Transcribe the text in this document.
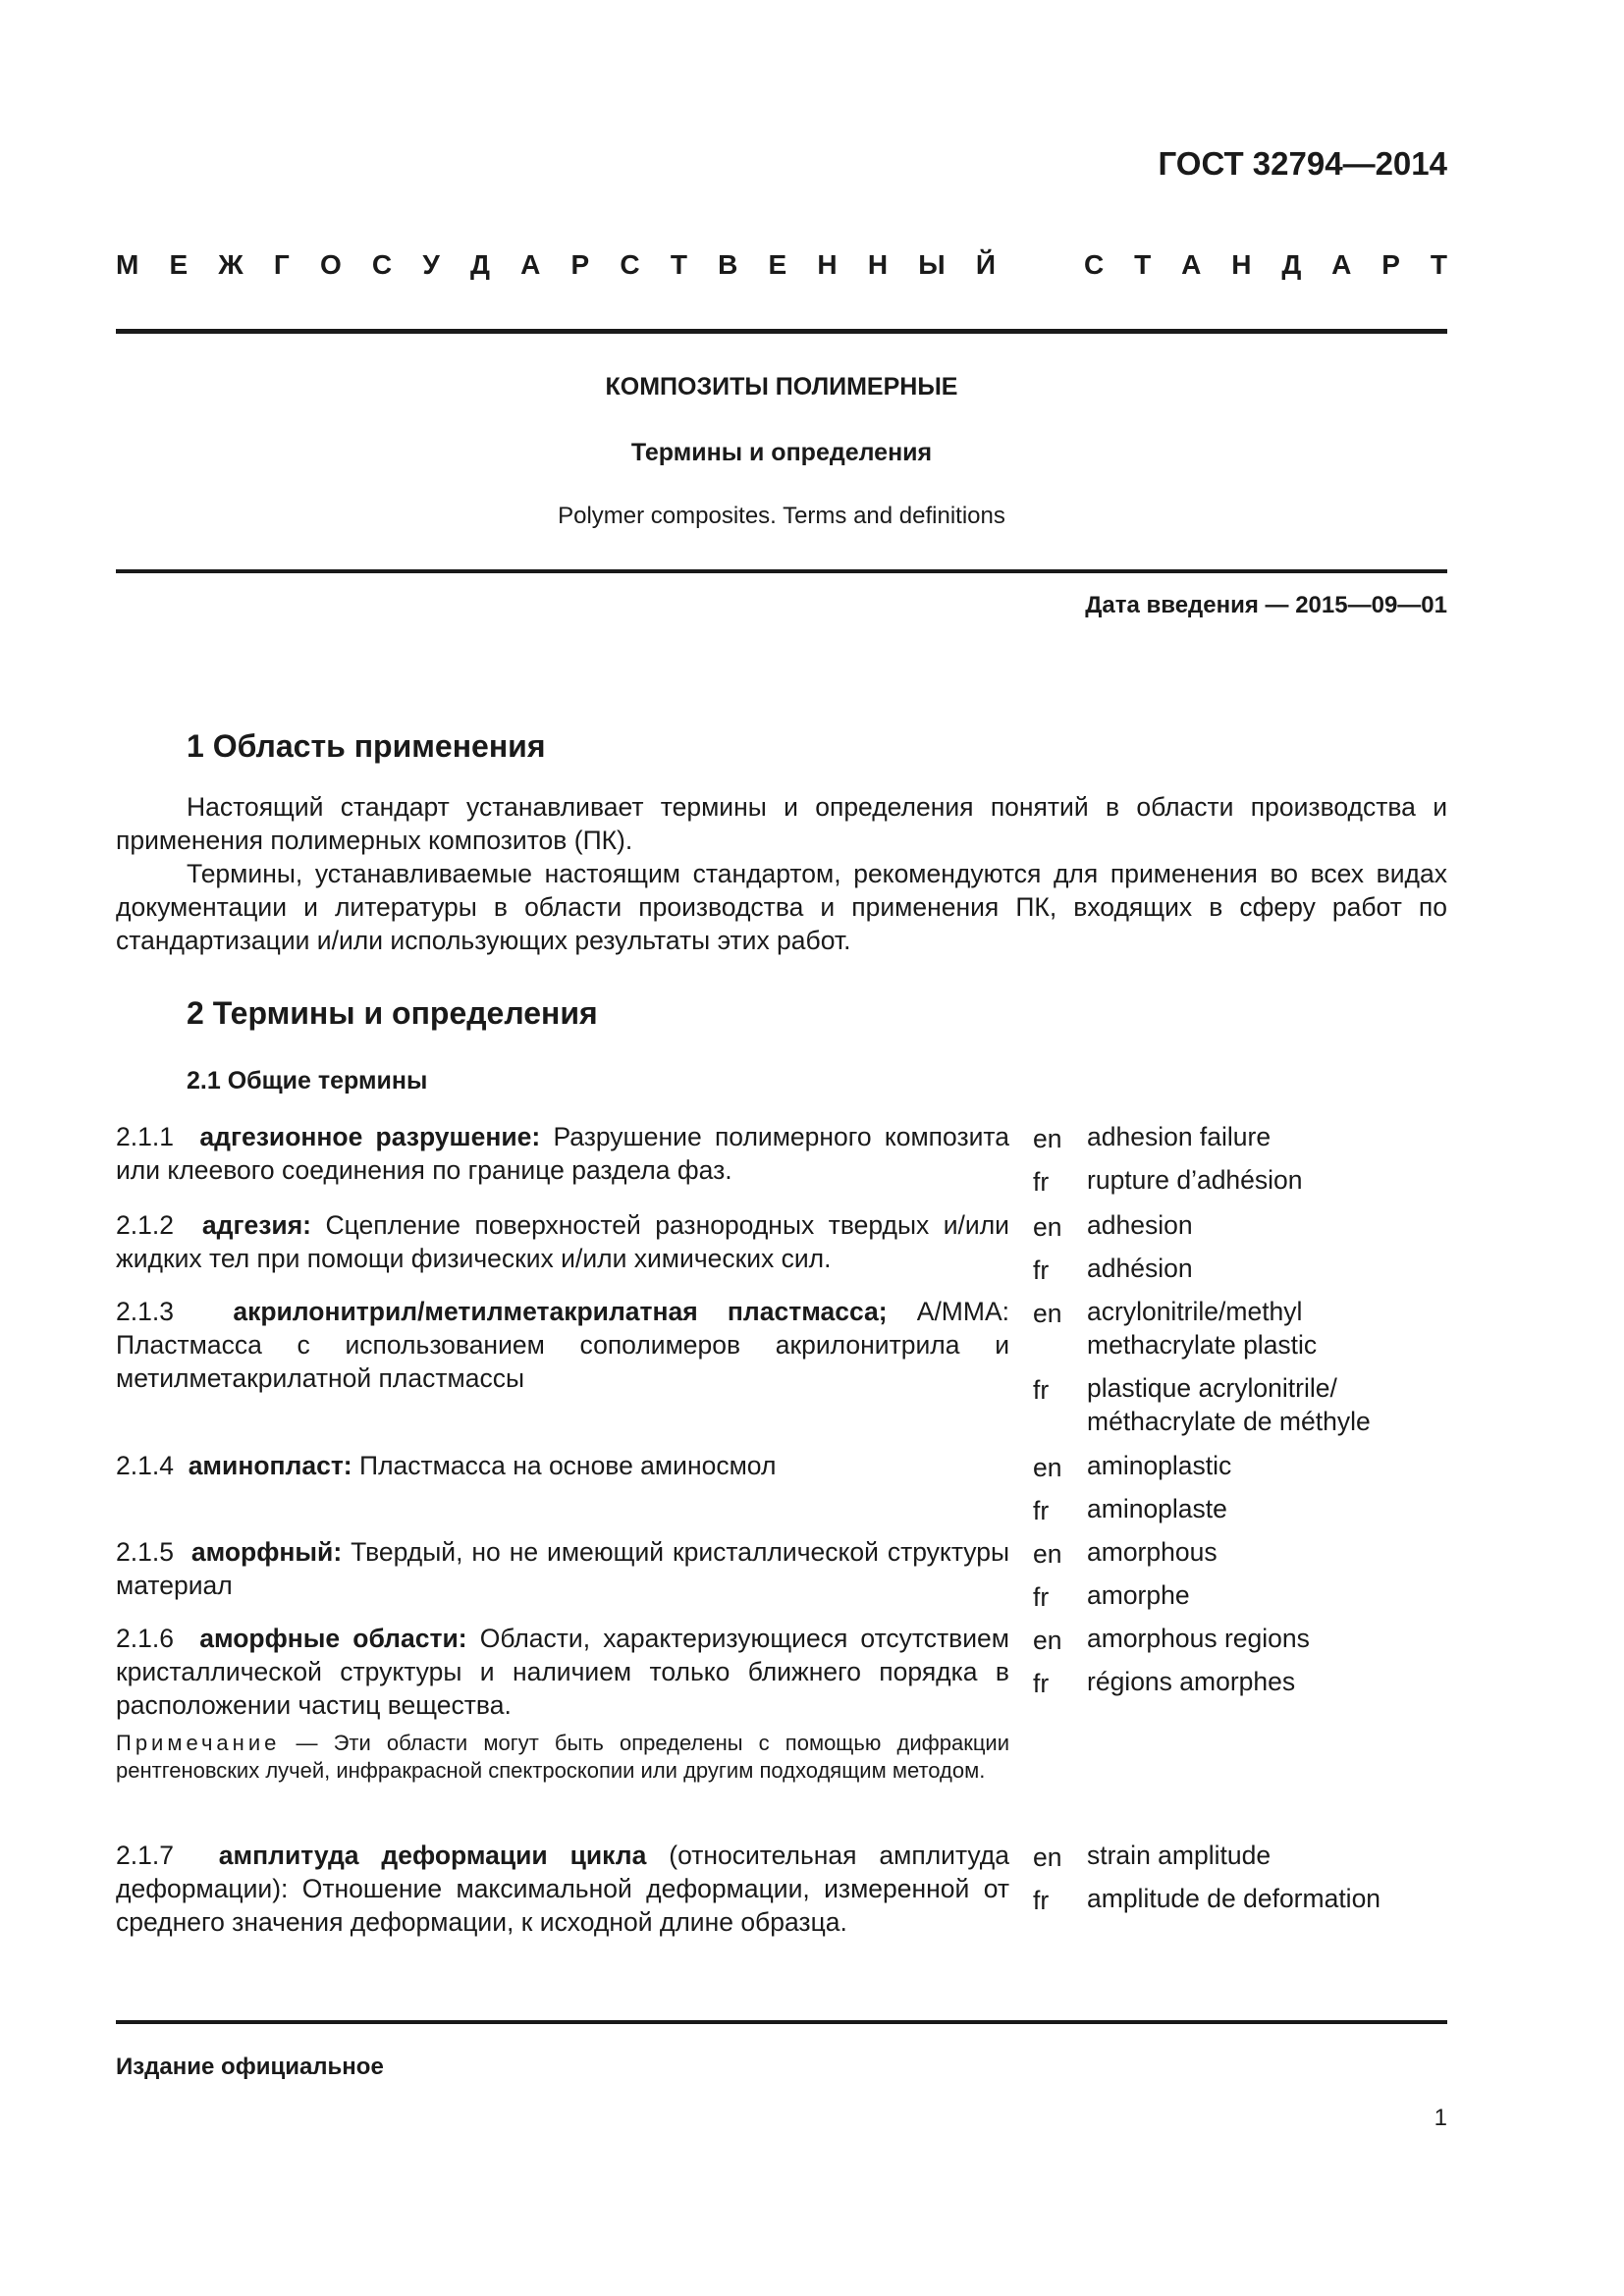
ГОСТ 32794—2014
М Е Ж Г О С У Д А Р С Т В Е Н Н Ы Й	С Т А Н Д А Р Т
КОМПОЗИТЫ ПОЛИМЕРНЫЕ
Термины и определения
Polymer composites. Terms and definitions
Дата введения — 2015—09—01
1 Область применения

Настоящий стандарт устанавливает термины и определения понятий в области производства и применения полимерных композитов (ПК).

Термины, устанавливаемые настоящим стандартом, рекомендуются для применения во всех видах документации и литературы в области производства и применения ПК, входящих в сферу работ по стандартизации и/или использующих результаты этих работ.

2 Термины и определения
2.1 Общие термины
2.1.1 адгезионное разрушение: Разрушение полимерного композита или клеевого соединения по границе раздела фаз.
en adhesion failure
fr rupture d’adhésion
2.1.2 адгезия: Сцепление поверхностей разнородных твердых и/или жидких тел при помощи физических и/или химических сил.
en adhesion
fr adhésion
2.1.3 акрилонитрил/метилметакрилатная пластмасса; А/ММА: Пластмасса с использованием сополимеров акрилонитрила и метилметакрилатной пластмассы
en acrylonitrile/methyl
methacrylate plastic
fr plastique acrylonitrile/
méthacrylate de méthyle
2.1.4 аминопласт: Пластмасса на основе аминосмол	en aminoplastic
fr aminoplaste
2.1.5 аморфный: Твердый, но не имеющий кристаллической структуры материал
en amorphous
fr amorphe
2.1.6 аморфные области: Области, характеризующиеся отсутствием кристаллической структуры и наличием только ближнего порядка в расположении частиц вещества.
en amorphous regions
fr régions amorphes
Примечание — Эти области могут быть определены с помощью дифракции рентгеновских лучей, инфракрасной спектроскопии или другим подходящим методом.
2.1.7 амплитуда деформации цикла (относительная амплитуда деформации): Отношение максимальной деформации, измеренной от среднего значения деформации, к исходной длине образца.
en strain amplitude
fr amplitude de deformation
Издание официальное
1
